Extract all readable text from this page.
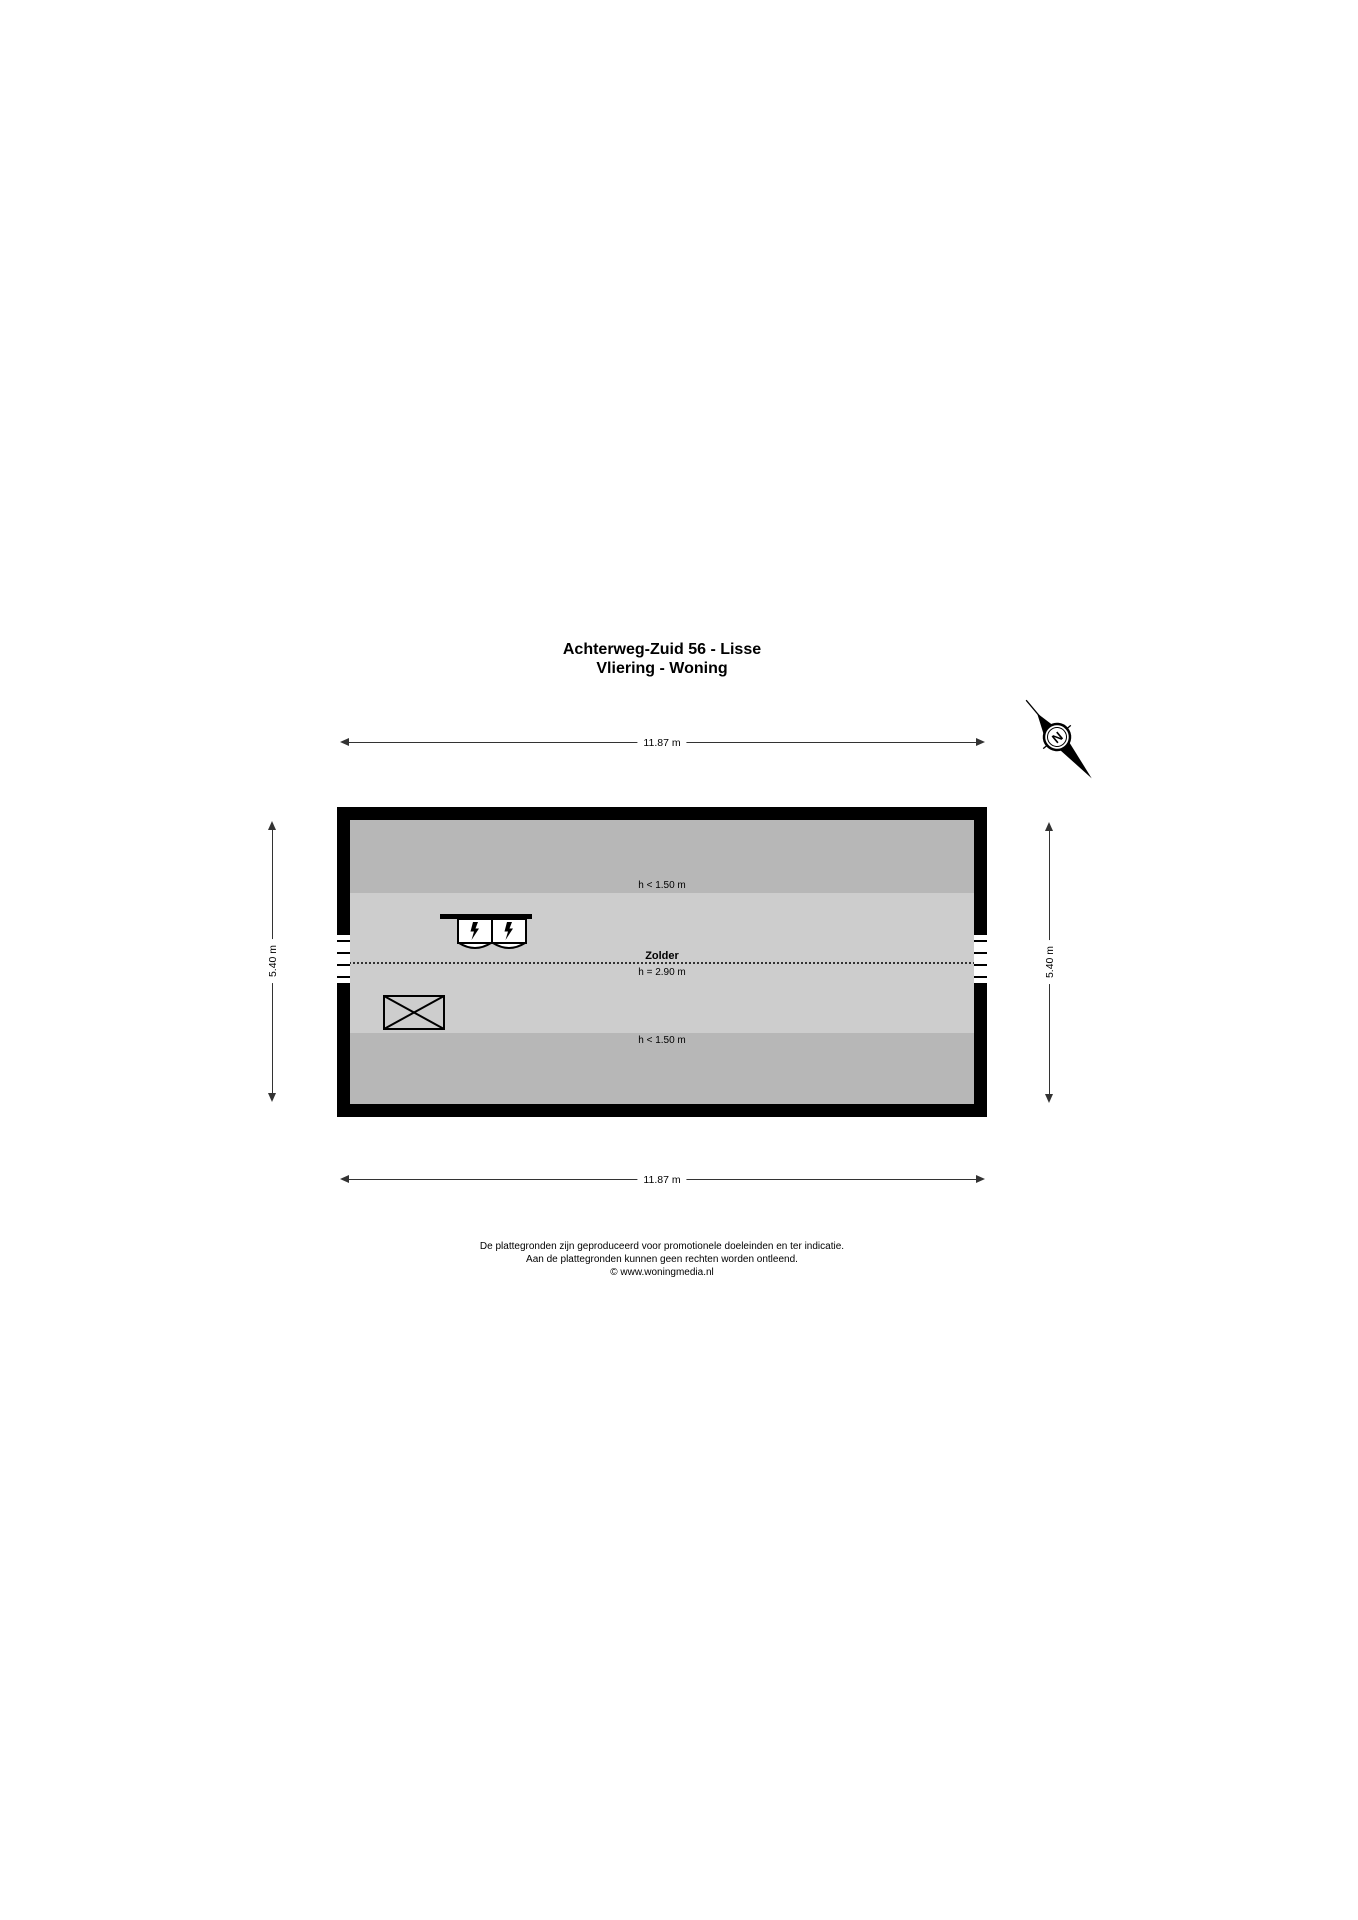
Achterweg-Zuid 56 - Lisse
Vliering - Woning
N
11.87 m
5.40 m	5.40 m
h < 1.50 m
h < 1.50 m
Zolder
h = 2.90 m
11.87 m
De plattegronden zijn geproduceerd voor promotionele doeleinden en ter indicatie.
Aan de plattegronden kunnen geen rechten worden ontleend.
© www.woningmedia.nl
